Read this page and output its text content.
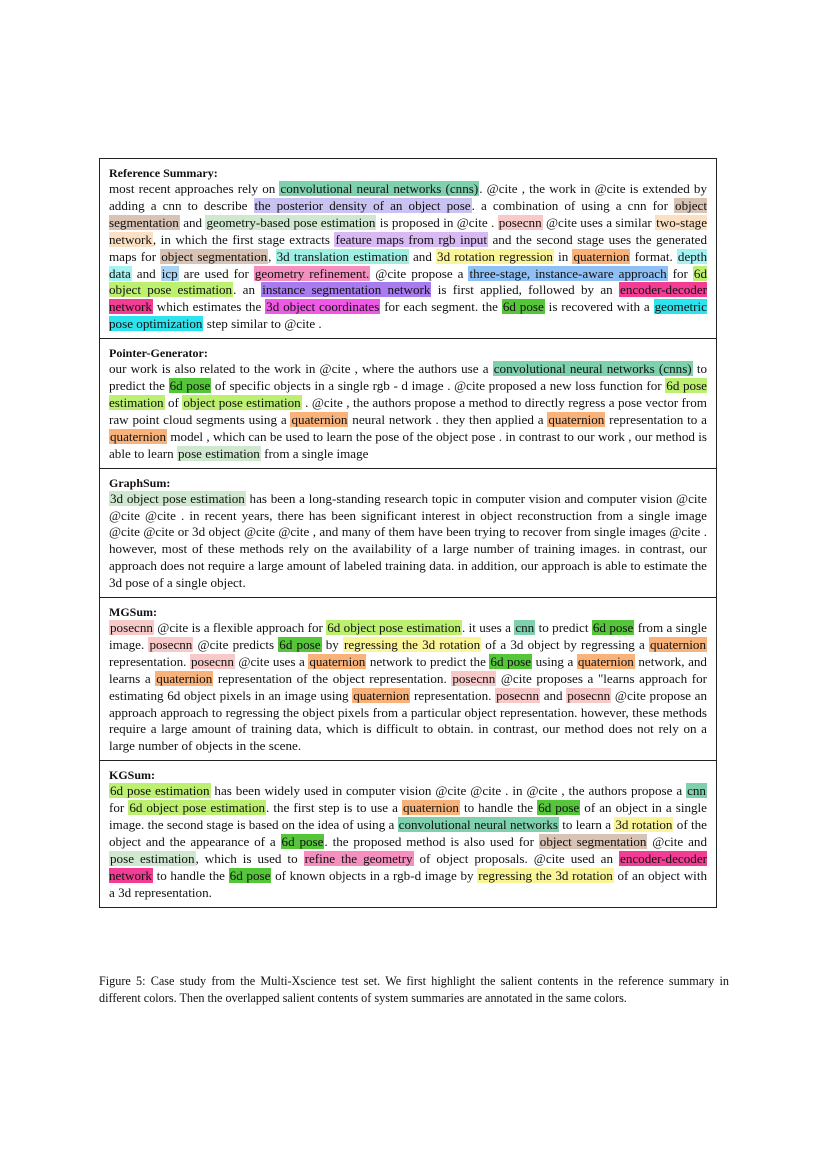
Reference Summary:

most recent approaches rely on convolutional neural networks (cnns). @cite , the work in @cite is extended by adding a cnn to describe the posterior density of an object pose. a combination of using a cnn for object segmentation and geometry-based pose estimation is proposed in @cite . posecnn @cite uses a similar two-stage network, in which the first stage extracts feature maps from rgb input and the second stage uses the generated maps for object segmentation, 3d translation estimation and 3d rotation regression in quaternion format. depth data and icp are used for geometry refinement. @cite propose a three-stage, instance-aware approach for 6d object pose estimation. an instance segmentation network is first applied, followed by an encoder-decoder network which estimates the 3d object coordinates for each segment. the 6d pose is recovered with a geometric pose optimization step similar to @cite .

Pointer-Generator:

our work is also related to the work in @cite , where the authors use a convolutional neural networks (cnns) to predict the 6d pose of specific objects in a single rgb - d image . @cite proposed a new loss function for 6d pose estimation of object pose estimation . @cite , the authors propose a method to directly regress a pose vector from raw point cloud segments using a quaternion neural network . they then applied a quaternion representation to a quaternion model , which can be used to learn the pose of the object pose . in contrast to our work , our method is able to learn pose estimation from a single image

GraphSum:

3d object pose estimation has been a long-standing research topic in computer vision and computer vision @cite @cite @cite . in recent years, there has been significant interest in object reconstruction from a single image @cite @cite or 3d object @cite @cite , and many of them have been trying to recover from single images @cite . however, most of these methods rely on the availability of a large number of training images. in contrast, our approach does not require a large amount of labeled training data. in addition, our approach is able to estimate the 3d pose of a single object.

MGSum:

posecnn @cite is a flexible approach for 6d object pose estimation. it uses a cnn to predict 6d pose from a single image. posecnn @cite predicts 6d pose by regressing the 3d rotation of a 3d object by regressing a quaternion representation. posecnn @cite uses a quaternion network to predict the 6d pose using a quaternion network, and learns a quaternion representation of the object representation. posecnn @cite proposes a "learns approach for estimating 6d object pixels in an image using quaternion representation. posecnn and posecnn @cite propose an approach approach to regressing the object pixels from a particular object representation. however, these methods require a large amount of training data, which is difficult to obtain. in contrast, our method does not rely on a large number of objects in the scene.

KGSum:

6d pose estimation has been widely used in computer vision @cite @cite . in @cite , the authors propose a cnn for 6d object pose estimation. the first step is to use a quaternion to handle the 6d pose of an object in a single image. the second stage is based on the idea of using a convolutional neural networks to learn a 3d rotation of the object and the appearance of a 6d pose. the proposed method is also used for object segmentation @cite and pose estimation, which is used to refine the geometry of object proposals. @cite used an encoder-decoder network to handle the 6d pose of known objects in a rgb-d image by regressing the 3d rotation of an object with a 3d representation.

Figure 5: Case study from the Multi-Xscience test set. We first highlight the salient contents in the reference summary in different colors. Then the overlapped salient contents of system summaries are annotated in the same colors.
